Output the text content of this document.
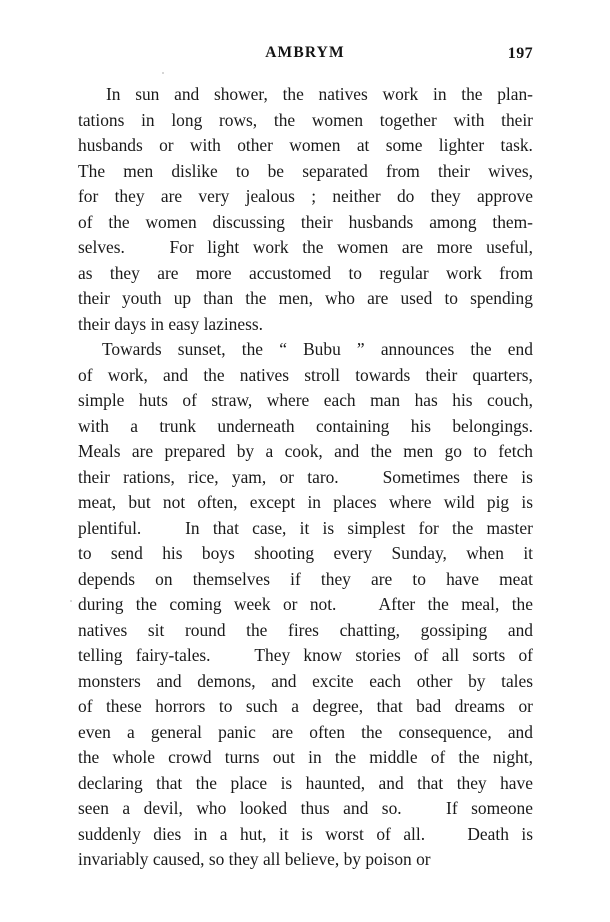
AMBRYM	197
In sun and shower, the natives work in the plan-
tations in long rows, the women together with their
husbands or with other women at some lighter task.
The men dislike to be separated from their wives,
for they are very jealous ; neither do they approve
of the women discussing their husbands among them-
selves.
 	For light work the women are more useful,
as they are more accustomed to regular work from
their youth up than the men, who are used to spending
their days in easy laziness.
Towards sunset, the “ Bubu ” announces the end
of work, and the natives stroll towards their quarters,
simple huts of straw, where each man has his couch,
with a trunk underneath containing his belongings.
Meals are prepared by a cook, and the men go to fetch
their rations, rice, yam, or taro.
 	Sometimes there is
meat, but not often, except in places where wild pig is
plentiful.
 	In that case, it is simplest for the master
to send his boys shooting every Sunday, when it
depends on themselves if they are to have meat
during the coming week or not.
  After the meal, the
natives sit round the fires chatting, gossiping and
telling fairy-tales.
 	They know stories of all sorts of
monsters and demons, and excite each other by tales
of these horrors to such a degree, that bad dreams or
even a general panic are often the consequence, and
the whole crowd turns out in the middle of the night,
declaring that the place is haunted, and that they have
seen a devil, who looked thus and so.
 	If someone
suddenly dies in a hut, it is worst of all.
  Death is
invariably caused, so they all believe, by poison or
